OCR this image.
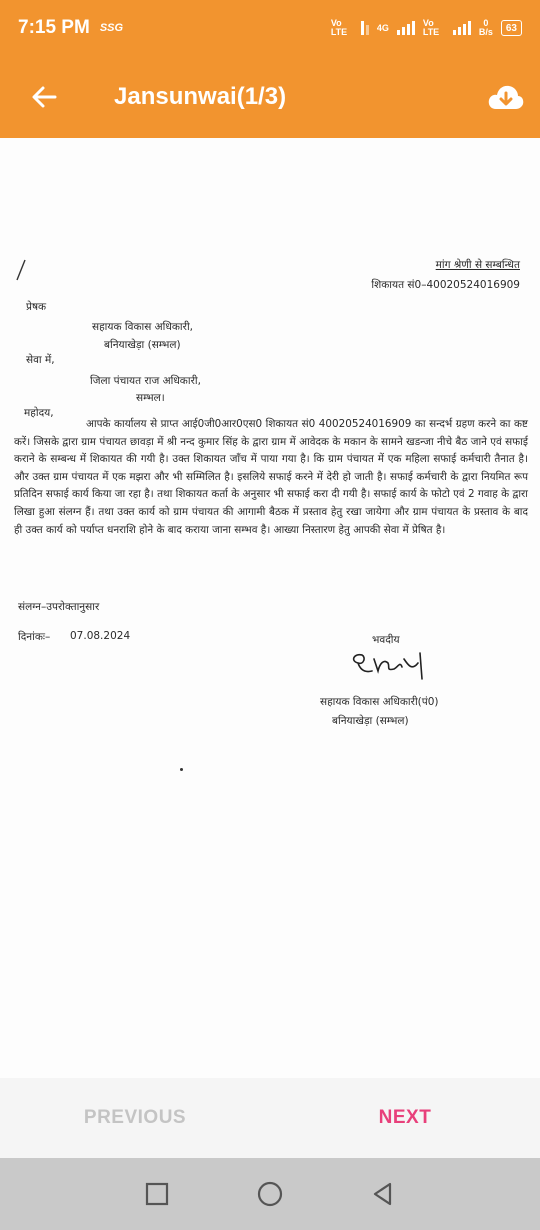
7:15 PM SSG	Vo LTE	4G	Vo LTE
0
B/s 63
Jansunwai(1/3)
मांग श्रेणी से सम्बन्धित
शिकायत सं0–40020524016909
प्रेषक
सहायक विकास अधिकारी,
बनियाखेड़ा (सम्भल)
सेवा में,
जिला पंचायत राज अधिकारी,
सम्भल।
महोदय,
आपके कार्यालय से प्राप्त आई0जी0आर0एस0 शिकायत सं0 40020524016909 का सन्दर्भ ग्रहण करने का कष्ट करें। जिसके द्वारा ग्राम पंचायत छावड़ा में श्री नन्द कुमार सिंह के द्वारा ग्राम में आवेदक के मकान के सामने खडन्जा नीचे बैठ जाने एवं सफाई कराने के सम्बन्ध में शिकायत की गयी है। उक्त शिकायत जाँच में पाया गया है। कि ग्राम पंचायत में एक महिला सफाई कर्मचारी तैनात है। और उक्त ग्राम पंचायत में एक मझरा और भी सम्मिलित है। इसलिये सफाई करने में देरी हो जाती है। सफाई कर्मचारी के द्वारा नियमित रूप प्रतिदिन सफाई कार्य किया जा रहा है। तथा शिकायत कर्ता के अनुसार भी सफाई करा दी गयी है। सफाई कार्य के फोटो एवं 2 गवाह के द्वारा लिखा हुआ संलग्न हैं। तथा उक्त कार्य को ग्राम पंचायत की आगामी बैठक में प्रस्ताव हेतु रखा जायेगा और ग्राम पंचायत के प्रस्ताव के बाद ही उक्त कार्य को पर्याप्त धनराशि होने के बाद कराया जाना सम्भव है। आख्या निस्तारण हेतु आपकी सेवा में प्रेषित है।
संलग्न–उपरोक्तानुसार
दिनांकः– 07.08.2024	भवदीय
सहायक विकास अधिकारी(पं0)
बनियाखेड़ा (सम्भल)
PREVIOUS	NEXT
